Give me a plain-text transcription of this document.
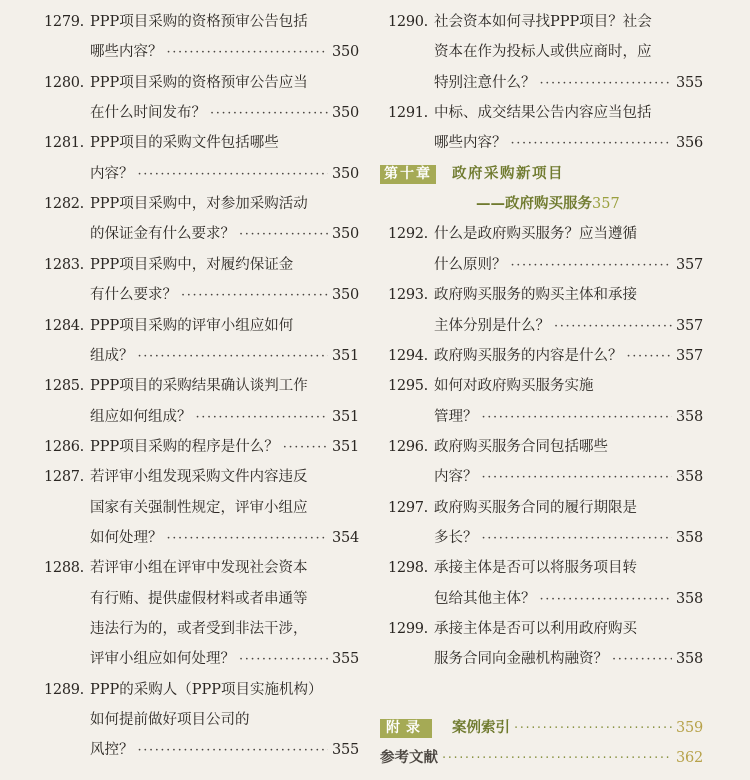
1279. PPP项目采购的资格预审公告包括
哪些内容？ ·····	350
1280. PPP项目采购的资格预审公告应当
在什么时间发布？ ·····	350
1281. PPP项目的采购文件包括哪些
内容？ ·····	350
1282. PPP项目采购中，对参加采购活动
的保证金有什么要求？ ·····	350
1283. PPP项目采购中，对履约保证金
有什么要求？ ·····	350
1284. PPP项目采购的评审小组应如何
组成？ ·····	351
1285. PPP项目的采购结果确认谈判工作
组应如何组成？ ·····	351
1286. PPP项目采购的程序是什么？ ·····	351
1287. 若评审小组发现采购文件内容违反
国家有关强制性规定，评审小组应
如何处理？ ·····	354
1288. 若评审小组在评审中发现社会资本
有行贿、提供虚假材料或者串通等
违法行为的，或者受到非法干涉，
评审小组应如何处理？ ·····	355
1289. PPP的采购人（PPP项目实施机构）
如何提前做好项目公司的
风控？ ·····	355
1290. 社会资本如何寻找PPP项目？社会
资本在作为投标人或供应商时，应
特别注意什么？ ·····	355
1291. 中标、成交结果公告内容应当包括
哪些内容？ ·····	356
第十章 政府采购新项目
——政府购买服务 357
1292. 什么是政府购买服务？应当遵循
什么原则？ ·····	357
1293. 政府购买服务的购买主体和承接
主体分别是什么？ ·····	357
1294. 政府购买服务的内容是什么？ ·····	357
1295. 如何对政府购买服务实施
管理？ ·····	358
1296. 政府购买服务合同包括哪些
内容？ ·····	358
1297. 政府购买服务合同的履行期限是
多长？ ·····	358
1298. 承接主体是否可以将服务项目转
包给其他主体？ ·····	358
1299. 承接主体是否可以利用政府购买
服务合同向金融机构融资？ ·····	358
附录	案例索引 ·····	359
参考文献 ·····	362
